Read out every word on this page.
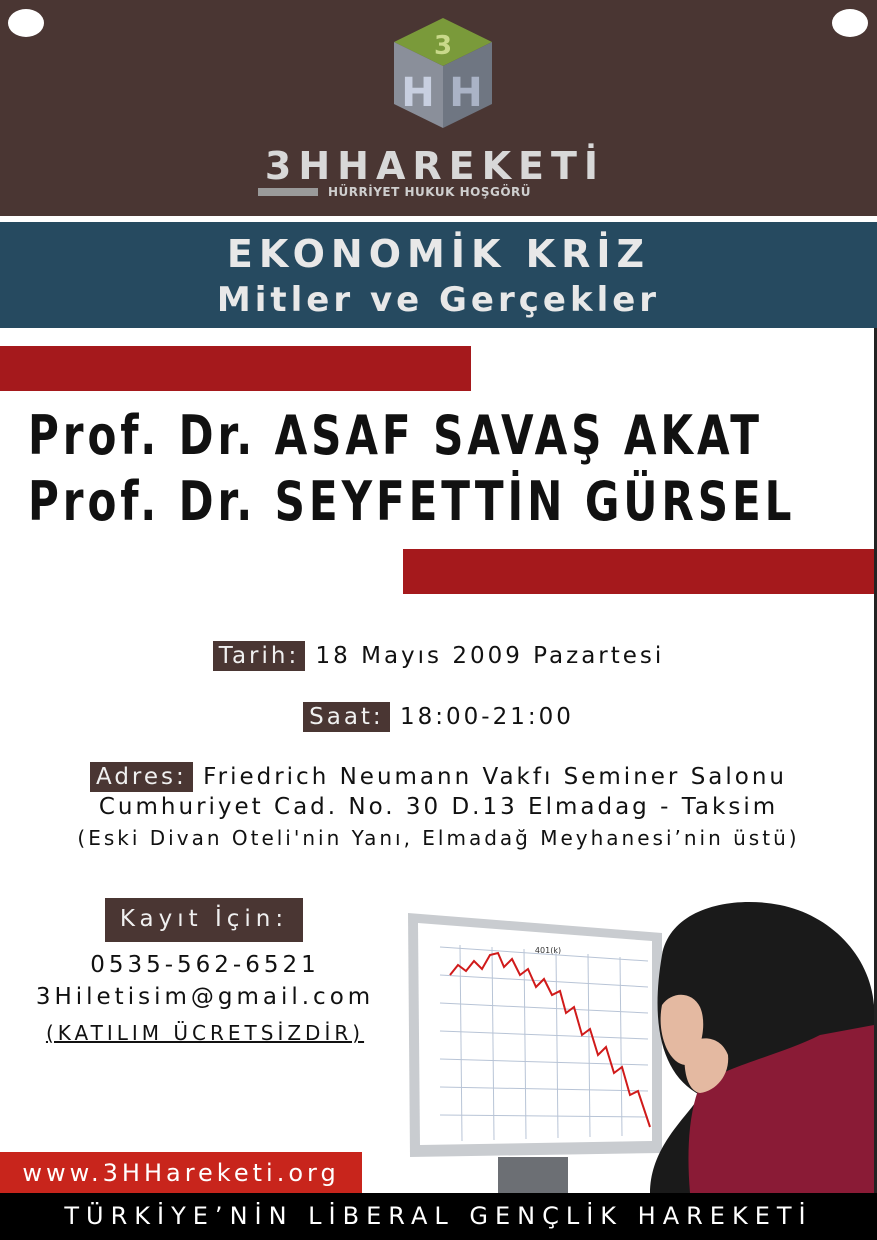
3
H H
3HHAREKETİ
HÜRRİYET HUKUK HOŞGÖRÜ
EKONOMİK KRİZ
Mitler ve Gerçekler
Prof. Dr. ASAF SAVAŞ AKAT
Prof. Dr. SEYFETTİN GÜRSEL
Tarih: 18 Mayıs 2009 Pazartesi
Saat: 18:00-21:00
Adres: Friedrich Neumann Vakfı Seminer Salonu
Cumhuriyet Cad. No. 30 D.13 Elmadag - Taksim
(Eski Divan Oteli'nin Yanı, Elmadağ Meyhanesi’nin üstü)
Kayıt İçin:
0535-562-6521
3Hiletisim@gmail.com
(KATILIM ÜCRETSİZDİR)
401(k)
www.3HHareketi.org
TÜRKİYE’NİN LİBERAL GENÇLİK HAREKETİ
